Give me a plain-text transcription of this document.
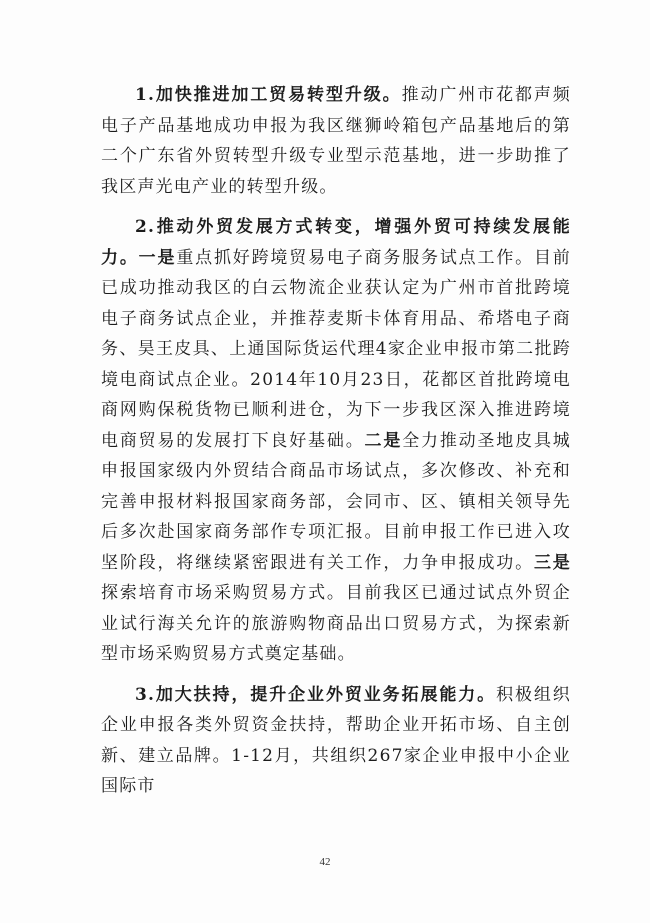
1.加快推进加工贸易转型升级。推动广州市花都声频电子产品基地成功申报为我区继狮岭箱包产品基地后的第二个广东省外贸转型升级专业型示范基地，进一步助推了我区声光电产业的转型升级。

2.推动外贸发展方式转变，增强外贸可持续发展能力。一是重点抓好跨境贸易电子商务服务试点工作。目前已成功推动我区的白云物流企业获认定为广州市首批跨境电子商务试点企业，并推荐麦斯卡体育用品、希塔电子商务、昊王皮具、上通国际货运代理4家企业申报市第二批跨境电商试点企业。2014年10月23日，花都区首批跨境电商网购保税货物已顺利进仓，为下一步我区深入推进跨境电商贸易的发展打下良好基础。二是全力推动圣地皮具城申报国家级内外贸结合商品市场试点，多次修改、补充和完善申报材料报国家商务部，会同市、区、镇相关领导先后多次赴国家商务部作专项汇报。目前申报工作已进入攻坚阶段，将继续紧密跟进有关工作，力争申报成功。三是探索培育市场采购贸易方式。目前我区已通过试点外贸企业试行海关允许的旅游购物商品出口贸易方式，为探索新型市场采购贸易方式奠定基础。

3.加大扶持，提升企业外贸业务拓展能力。积极组织企业申报各类外贸资金扶持，帮助企业开拓市场、自主创新、建立品牌。1-12月，共组织267家企业申报中小企业国际市

42
